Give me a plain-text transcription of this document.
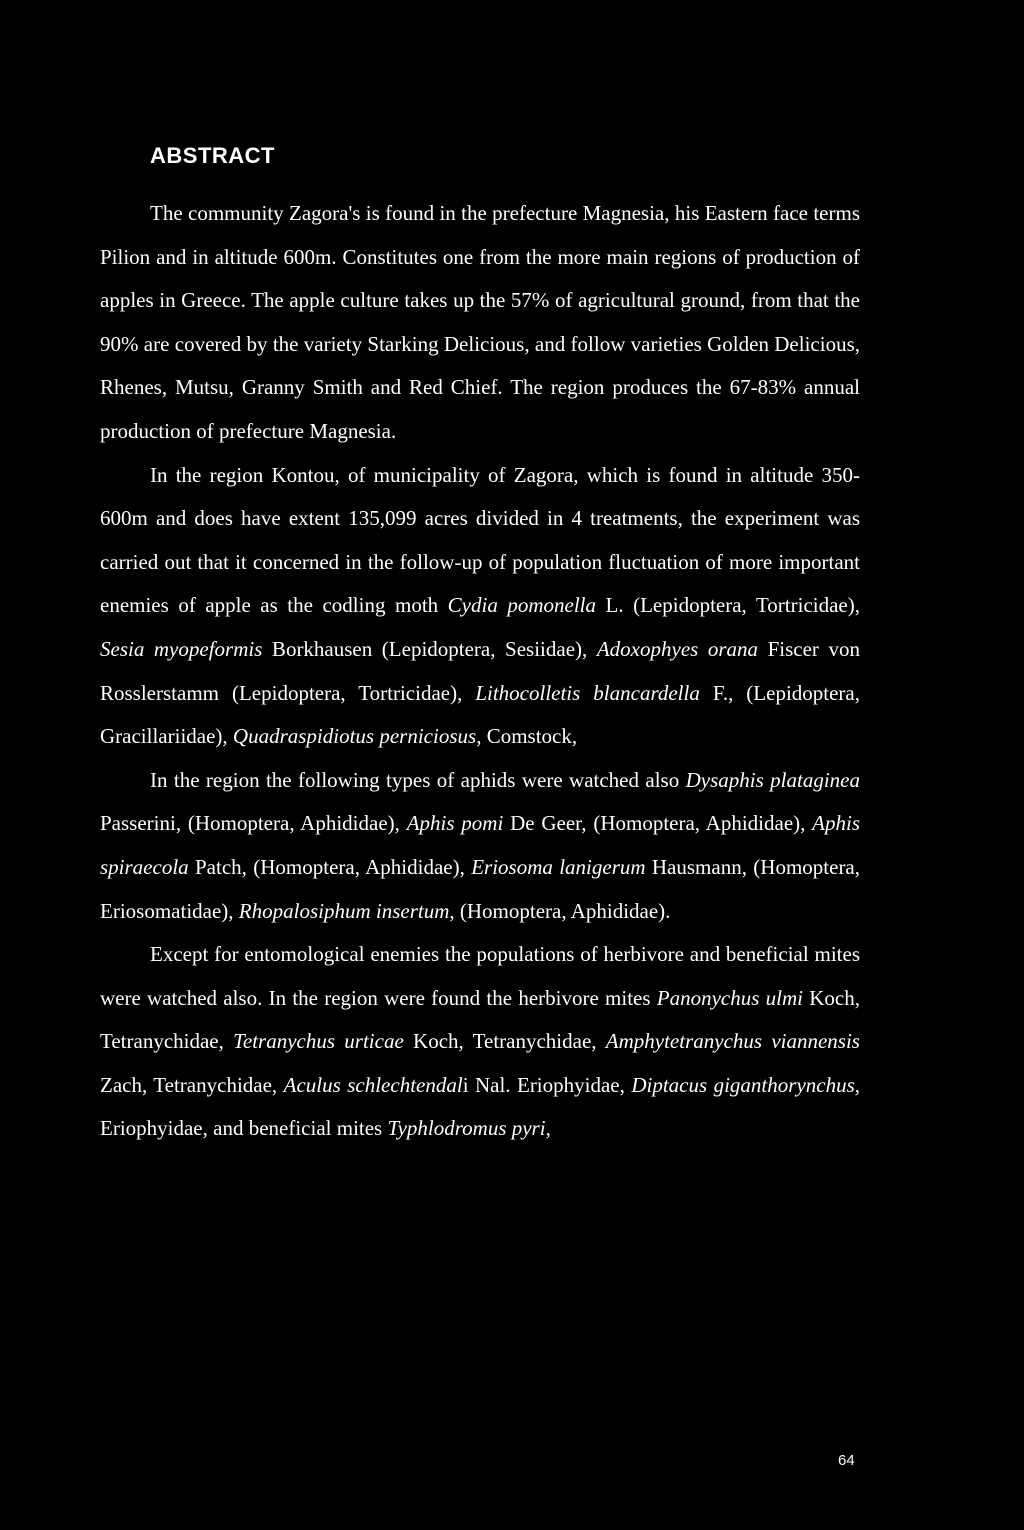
ABSTRACT

The community Zagora's is found in the prefecture Magnesia, his Eastern face terms Pilion and in altitude 600m. Constitutes one from the more main regions of production of apples in Greece. The apple culture takes up the 57% of agricultural ground, from that the 90% are covered by the variety Starking Delicious, and follow varieties Golden Delicious, Rhenes, Mutsu, Granny Smith and Red Chief. The region produces the 67-83% annual production of prefecture Magnesia.

In the region Kontou, of municipality of Zagora, which is found in altitude 350-600m and does have extent 135,099 acres divided in 4 treatments, the experiment was carried out that it concerned in the follow-up of population fluctuation of more important enemies of apple as the codling moth Cydia pomonella L. (Lepidoptera, Tortricidae), Sesia myopeformis Borkhausen (Lepidoptera, Sesiidae), Adoxophyes orana Fiscer von Rosslerstamm (Lepidoptera, Tortricidae), Lithocolletis blancardella F., (Lepidoptera, Gracillariidae), Quadraspidiotus perniciosus, Comstock,

In the region the following types of aphids were watched also Dysaphis plataginea Passerini, (Homoptera, Aphididae), Aphis pomi De Geer, (Homoptera, Aphididae), Aphis spiraecola Patch, (Homoptera, Aphididae), Eriosoma lanigerum Hausmann, (Homoptera, Eriosomatidae), Rhopalosiphum insertum, (Homoptera, Aphididae).

Except for entomological enemies the populations of herbivore and beneficial mites were watched also. In the region were found the herbivore mites Panonychus ulmi Koch, Tetranychidae, Tetranychus urticae Koch, Tetranychidae, Amphytetranychus viannensis Zach, Tetranychidae, Aculus schlechtendali Nal. Eriophyidae, Diptacus giganthorynchus, Eriophyidae, and beneficial mites Typhlodromus pyri,

64
